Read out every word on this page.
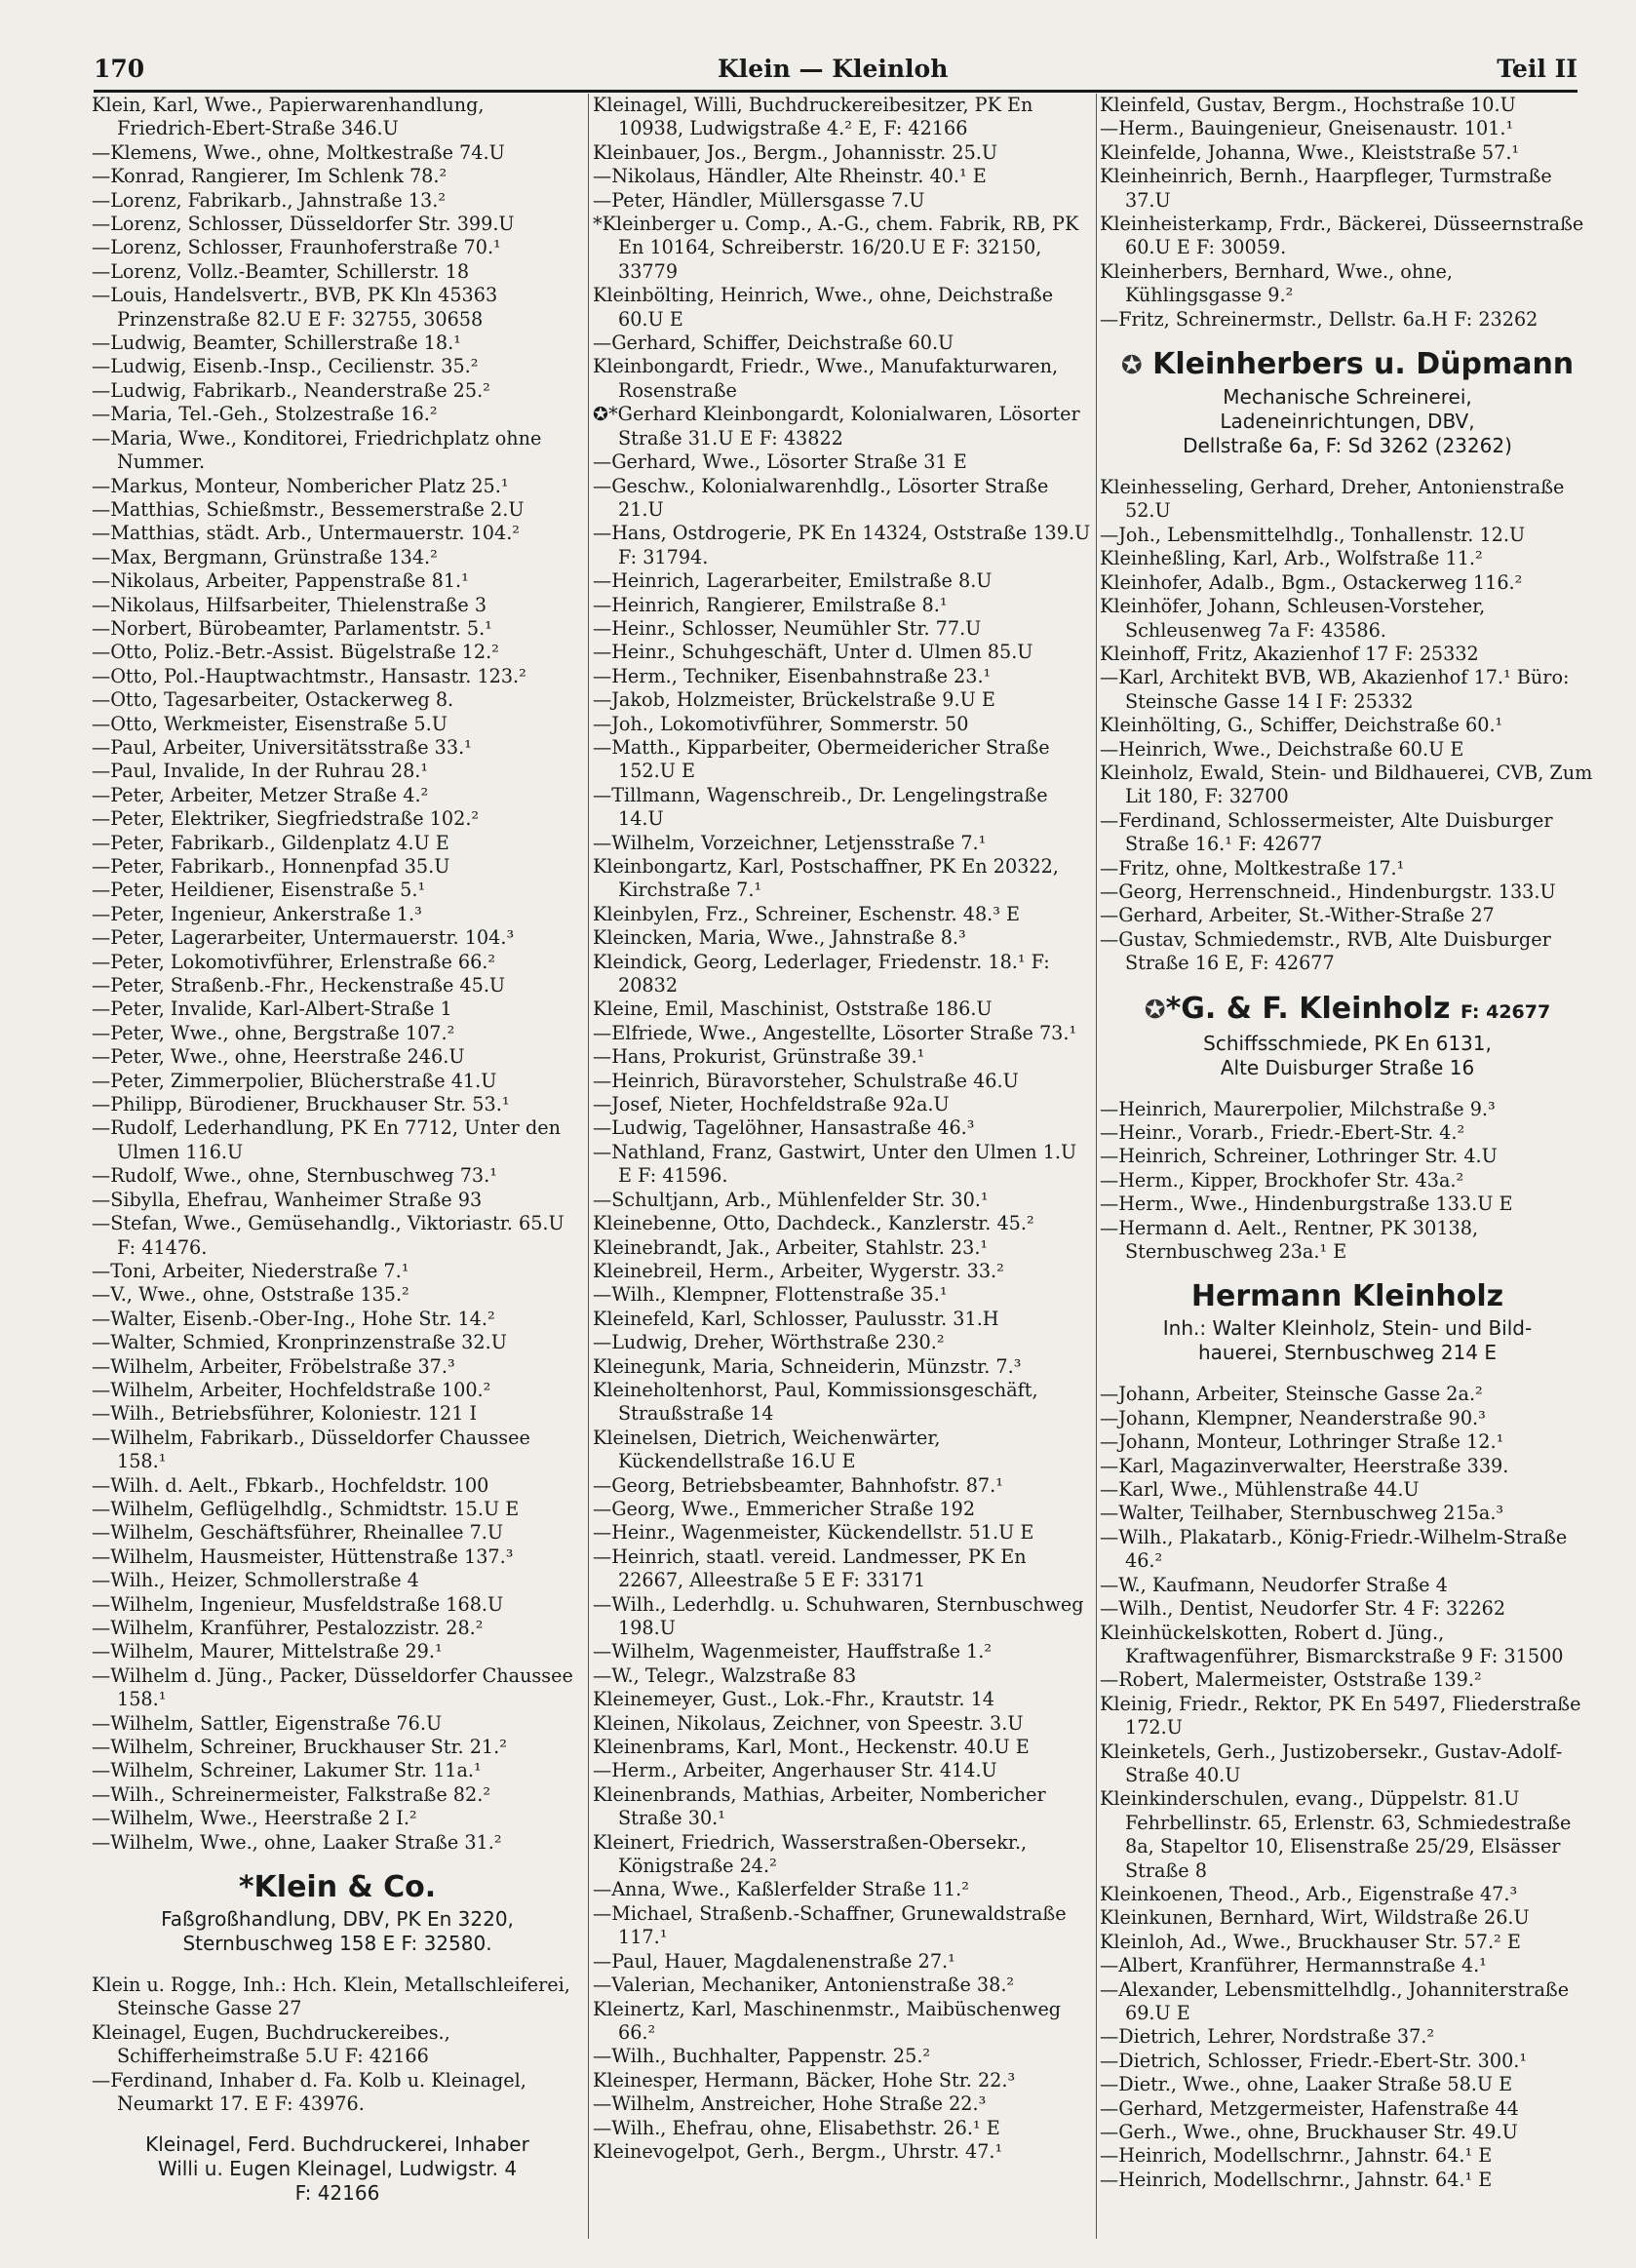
170	Klein — Kleinloh	Teil II

Klein, Karl, Wwe., Papierwarenhandlung, Friedrich-Ebert-Straße 346.U

—Klemens, Wwe., ohne, Moltkestraße 74.U

—Konrad, Rangierer, Im Schlenk 78.²

—Lorenz, Fabrikarb., Jahnstraße 13.²

—Lorenz, Schlosser, Düsseldorfer Str. 399.U

—Lorenz, Schlosser, Fraunhoferstraße 70.¹

—Lorenz, Vollz.-Beamter, Schillerstr. 18

—Louis, Handelsvertr., BVB, PK Kln 45363 Prinzenstraße 82.U E F: 32755, 30658

—Ludwig, Beamter, Schillerstraße 18.¹

—Ludwig, Eisenb.-Insp., Cecilienstr. 35.²

—Ludwig, Fabrikarb., Neanderstraße 25.²

—Maria, Tel.-Geh., Stolzestraße 16.²

—Maria, Wwe., Konditorei, Friedrichplatz ohne Nummer.

—Markus, Monteur, Nombericher Platz 25.¹

—Matthias, Schießmstr., Bessemerstraße 2.U

—Matthias, städt. Arb., Untermauerstr. 104.²

—Max, Bergmann, Grünstraße 134.²

—Nikolaus, Arbeiter, Pappenstraße 81.¹

—Nikolaus, Hilfsarbeiter, Thielenstraße 3

—Norbert, Bürobeamter, Parlamentstr. 5.¹

—Otto, Poliz.-Betr.-Assist. Bügelstraße 12.²

—Otto, Pol.-Hauptwachtmstr., Hansastr. 123.²

—Otto, Tagesarbeiter, Ostackerweg 8.

—Otto, Werkmeister, Eisenstraße 5.U

—Paul, Arbeiter, Universitätsstraße 33.¹

—Paul, Invalide, In der Ruhrau 28.¹

—Peter, Arbeiter, Metzer Straße 4.²

—Peter, Elektriker, Siegfriedstraße 102.²

—Peter, Fabrikarb., Gildenplatz 4.U E

—Peter, Fabrikarb., Honnenpfad 35.U

—Peter, Heildiener, Eisenstraße 5.¹

—Peter, Ingenieur, Ankerstraße 1.³

—Peter, Lagerarbeiter, Untermauerstr. 104.³

—Peter, Lokomotivführer, Erlenstraße 66.²

—Peter, Straßenb.-Fhr., Heckenstraße 45.U

—Peter, Invalide, Karl-Albert-Straße 1

—Peter, Wwe., ohne, Bergstraße 107.²

—Peter, Wwe., ohne, Heerstraße 246.U

—Peter, Zimmerpolier, Blücherstraße 41.U

—Philipp, Bürodiener, Bruckhauser Str. 53.¹

—Rudolf, Lederhandlung, PK En 7712, Unter den Ulmen 116.U

—Rudolf, Wwe., ohne, Sternbuschweg 73.¹

—Sibylla, Ehefrau, Wanheimer Straße 93

—Stefan, Wwe., Gemüsehandlg., Viktoriastr. 65.U F: 41476.

—Toni, Arbeiter, Niederstraße 7.¹

—V., Wwe., ohne, Oststraße 135.²

—Walter, Eisenb.-Ober-Ing., Hohe Str. 14.²

—Walter, Schmied, Kronprinzenstraße 32.U

—Wilhelm, Arbeiter, Fröbelstraße 37.³

—Wilhelm, Arbeiter, Hochfeldstraße 100.²

—Wilh., Betriebsführer, Koloniestr. 121 I

—Wilhelm, Fabrikarb., Düsseldorfer Chaussee 158.¹

—Wilh. d. Aelt., Fbkarb., Hochfeldstr. 100

—Wilhelm, Geflügelhdlg., Schmidtstr. 15.U E

—Wilhelm, Geschäftsführer, Rheinallee 7.U

—Wilhelm, Hausmeister, Hüttenstraße 137.³

—Wilh., Heizer, Schmollerstraße 4

—Wilhelm, Ingenieur, Musfeldstraße 168.U

—Wilhelm, Kranführer, Pestalozzistr. 28.²

—Wilhelm, Maurer, Mittelstraße 29.¹

—Wilhelm d. Jüng., Packer, Düsseldorfer Chaussee 158.¹

—Wilhelm, Sattler, Eigenstraße 76.U

—Wilhelm, Schreiner, Bruckhauser Str. 21.²

—Wilhelm, Schreiner, Lakumer Str. 11a.¹

—Wilh., Schreinermeister, Falkstraße 82.²

—Wilhelm, Wwe., Heerstraße 2 I.²

—Wilhelm, Wwe., ohne, Laaker Straße 31.²

*Klein & Co.
Faßgroßhandlung, DBV, PK En 3220,
Sternbuschweg 158 E F: 32580.

Klein u. Rogge, Inh.: Hch. Klein, Metallschleiferei, Steinsche Gasse 27

Kleinagel, Eugen, Buchdruckereibes., Schifferheimstraße 5.U F: 42166

—Ferdinand, Inhaber d. Fa. Kolb u. Kleinagel, Neumarkt 17. E F: 43976.

Kleinagel, Ferd. Buchdruckerei, Inhaber
Willi u. Eugen Kleinagel, Ludwigstr. 4
F: 42166

Kleinagel, Willi, Buchdruckereibesitzer, PK En 10938, Ludwigstraße 4.² E, F: 42166

Kleinbauer, Jos., Bergm., Johannisstr. 25.U

—Nikolaus, Händler, Alte Rheinstr. 40.¹ E

—Peter, Händler, Müllersgasse 7.U

*Kleinberger u. Comp., A.-G., chem. Fabrik, RB, PK En 10164, Schreiberstr. 16/20.U E F: 32150, 33779

Kleinbölting, Heinrich, Wwe., ohne, Deichstraße 60.U E

—Gerhard, Schiffer, Deichstraße 60.U

Kleinbongardt, Friedr., Wwe., Manufakturwaren, Rosenstraße

✪*Gerhard Kleinbongardt, Kolonialwaren, Lösorter Straße 31.U E F: 43822

—Gerhard, Wwe., Lösorter Straße 31 E

—Geschw., Kolonialwarenhdlg., Lösorter Straße 21.U

—Hans, Ostdrogerie, PK En 14324, Oststraße 139.U F: 31794.

—Heinrich, Lagerarbeiter, Emilstraße 8.U

—Heinrich, Rangierer, Emilstraße 8.¹

—Heinr., Schlosser, Neumühler Str. 77.U

—Heinr., Schuhgeschäft, Unter d. Ulmen 85.U

—Herm., Techniker, Eisenbahnstraße 23.¹

—Jakob, Holzmeister, Brückelstraße 9.U E

—Joh., Lokomotivführer, Sommerstr. 50

—Matth., Kipparbeiter, Obermeidericher Straße 152.U E

—Tillmann, Wagenschreib., Dr. Lengelingstraße 14.U

—Wilhelm, Vorzeichner, Letjensstraße 7.¹

Kleinbongartz, Karl, Postschaffner, PK En 20322, Kirchstraße 7.¹

Kleinbylen, Frz., Schreiner, Eschenstr. 48.³ E

Kleincken, Maria, Wwe., Jahnstraße 8.³

Kleindick, Georg, Lederlager, Friedenstr. 18.¹ F: 20832

Kleine, Emil, Maschinist, Oststraße 186.U

—Elfriede, Wwe., Angestellte, Lösorter Straße 73.¹

—Hans, Prokurist, Grünstraße 39.¹

—Heinrich, Büravorsteher, Schulstraße 46.U

—Josef, Nieter, Hochfeldstraße 92a.U

—Ludwig, Tagelöhner, Hansastraße 46.³

—Nathland, Franz, Gastwirt, Unter den Ulmen 1.U E F: 41596.

—Schultjann, Arb., Mühlenfelder Str. 30.¹

Kleinebenne, Otto, Dachdeck., Kanzlerstr. 45.²

Kleinebrandt, Jak., Arbeiter, Stahlstr. 23.¹

Kleinebreil, Herm., Arbeiter, Wygerstr. 33.²

—Wilh., Klempner, Flottenstraße 35.¹

Kleinefeld, Karl, Schlosser, Paulusstr. 31.H

—Ludwig, Dreher, Wörthstraße 230.²

Kleinegunk, Maria, Schneiderin, Münzstr. 7.³

Kleineholtenhorst, Paul, Kommissionsgeschäft, Straußstraße 14

Kleinelsen, Dietrich, Weichenwärter, Kückendellstraße 16.U E

—Georg, Betriebsbeamter, Bahnhofstr. 87.¹

—Georg, Wwe., Emmericher Straße 192

—Heinr., Wagenmeister, Kückendellstr. 51.U E

—Heinrich, staatl. vereid. Landmesser, PK En 22667, Alleestraße 5 E F: 33171

—Wilh., Lederhdlg. u. Schuhwaren, Sternbuschweg 198.U

—Wilhelm, Wagenmeister, Hauffstraße 1.²

—W., Telegr., Walzstraße 83

Kleinemeyer, Gust., Lok.-Fhr., Krautstr. 14

Kleinen, Nikolaus, Zeichner, von Speestr. 3.U

Kleinenbrams, Karl, Mont., Heckenstr. 40.U E

—Herm., Arbeiter, Angerhauser Str. 414.U

Kleinenbrands, Mathias, Arbeiter, Nombericher Straße 30.¹

Kleinert, Friedrich, Wasserstraßen-Obersekr., Königstraße 24.²

—Anna, Wwe., Kaßlerfelder Straße 11.²

—Michael, Straßenb.-Schaffner, Grunewaldstraße 117.¹

—Paul, Hauer, Magdalenenstraße 27.¹

—Valerian, Mechaniker, Antonienstraße 38.²

Kleinertz, Karl, Maschinenmstr., Maibüschenweg 66.²

—Wilh., Buchhalter, Pappenstr. 25.²

Kleinesper, Hermann, Bäcker, Hohe Str. 22.³

—Wilhelm, Anstreicher, Hohe Straße 22.³

—Wilh., Ehefrau, ohne, Elisabethstr. 26.¹ E

Kleinevogelpot, Gerh., Bergm., Uhrstr. 47.¹

Kleinfeld, Gustav, Bergm., Hochstraße 10.U

—Herm., Bauingenieur, Gneisenaustr. 101.¹

Kleinfelde, Johanna, Wwe., Kleiststraße 57.¹

Kleinheinrich, Bernh., Haarpfleger, Turmstraße 37.U

Kleinheisterkamp, Frdr., Bäckerei, Düsseernstraße 60.U E F: 30059.

Kleinherbers, Bernhard, Wwe., ohne, Kühlingsgasse 9.²

—Fritz, Schreinermstr., Dellstr. 6a.H F: 23262

✪ Kleinherbers u. Düpmann
Mechanische Schreinerei,
Ladeneinrichtungen, DBV,
Dellstraße 6a, F: Sd 3262 (23262)

Kleinhesseling, Gerhard, Dreher, Antonienstraße 52.U

—Joh., Lebensmittelhdlg., Tonhallenstr. 12.U

Kleinheßling, Karl, Arb., Wolfstraße 11.²

Kleinhofer, Adalb., Bgm., Ostackerweg 116.²

Kleinhöfer, Johann, Schleusen-Vorsteher, Schleusenweg 7a F: 43586.

Kleinhoff, Fritz, Akazienhof 17 F: 25332

—Karl, Architekt BVB, WB, Akazienhof 17.¹ Büro: Steinsche Gasse 14 I F: 25332

Kleinhölting, G., Schiffer, Deichstraße 60.¹

—Heinrich, Wwe., Deichstraße 60.U E

Kleinholz, Ewald, Stein- und Bildhauerei, CVB, Zum Lit 180, F: 32700

—Ferdinand, Schlossermeister, Alte Duisburger Straße 16.¹ F: 42677

—Fritz, ohne, Moltkestraße 17.¹

—Georg, Herrenschneid., Hindenburgstr. 133.U

—Gerhard, Arbeiter, St.-Wither-Straße 27

—Gustav, Schmiedemstr., RVB, Alte Duisburger Straße 16 E, F: 42677

✪*G. & F. Kleinholz F: 42677
Schiffsschmiede, PK En 6131,
Alte Duisburger Straße 16

—Heinrich, Maurerpolier, Milchstraße 9.³

—Heinr., Vorarb., Friedr.-Ebert-Str. 4.²

—Heinrich, Schreiner, Lothringer Str. 4.U

—Herm., Kipper, Brockhofer Str. 43a.²

—Herm., Wwe., Hindenburgstraße 133.U E

—Hermann d. Aelt., Rentner, PK 30138, Sternbuschweg 23a.¹ E

Hermann Kleinholz
Inh.: Walter Kleinholz, Stein- und Bild-
hauerei, Sternbuschweg 214 E

—Johann, Arbeiter, Steinsche Gasse 2a.²

—Johann, Klempner, Neanderstraße 90.³

—Johann, Monteur, Lothringer Straße 12.¹

—Karl, Magazinverwalter, Heerstraße 339.

—Karl, Wwe., Mühlenstraße 44.U

—Walter, Teilhaber, Sternbuschweg 215a.³

—Wilh., Plakatarb., König-Friedr.-Wilhelm-Straße 46.²

—W., Kaufmann, Neudorfer Straße 4

—Wilh., Dentist, Neudorfer Str. 4 F: 32262

Kleinhückelskotten, Robert d. Jüng., Kraftwagenführer, Bismarckstraße 9 F: 31500

—Robert, Malermeister, Oststraße 139.²

Kleinig, Friedr., Rektor, PK En 5497, Fliederstraße 172.U

Kleinketels, Gerh., Justizobersekr., Gustav-Adolf-Straße 40.U

Kleinkinderschulen, evang., Düppelstr. 81.U Fehrbellinstr. 65, Erlenstr. 63, Schmiedestraße 8a, Stapeltor 10, Elisenstraße 25/29, Elsässer Straße 8

Kleinkoenen, Theod., Arb., Eigenstraße 47.³

Kleinkunen, Bernhard, Wirt, Wildstraße 26.U

Kleinloh, Ad., Wwe., Bruckhauser Str. 57.² E

—Albert, Kranführer, Hermannstraße 4.¹

—Alexander, Lebensmittelhdlg., Johanniterstraße 69.U E

—Dietrich, Lehrer, Nordstraße 37.²

—Dietrich, Schlosser, Friedr.-Ebert-Str. 300.¹

—Dietr., Wwe., ohne, Laaker Straße 58.U E

—Gerhard, Metzgermeister, Hafenstraße 44

—Gerh., Wwe., ohne, Bruckhauser Str. 49.U

—Heinrich, Modellschrnr., Jahnstr. 64.¹ E

—Heinrich, Modellschrnr., Jahnstr. 64.¹ E
